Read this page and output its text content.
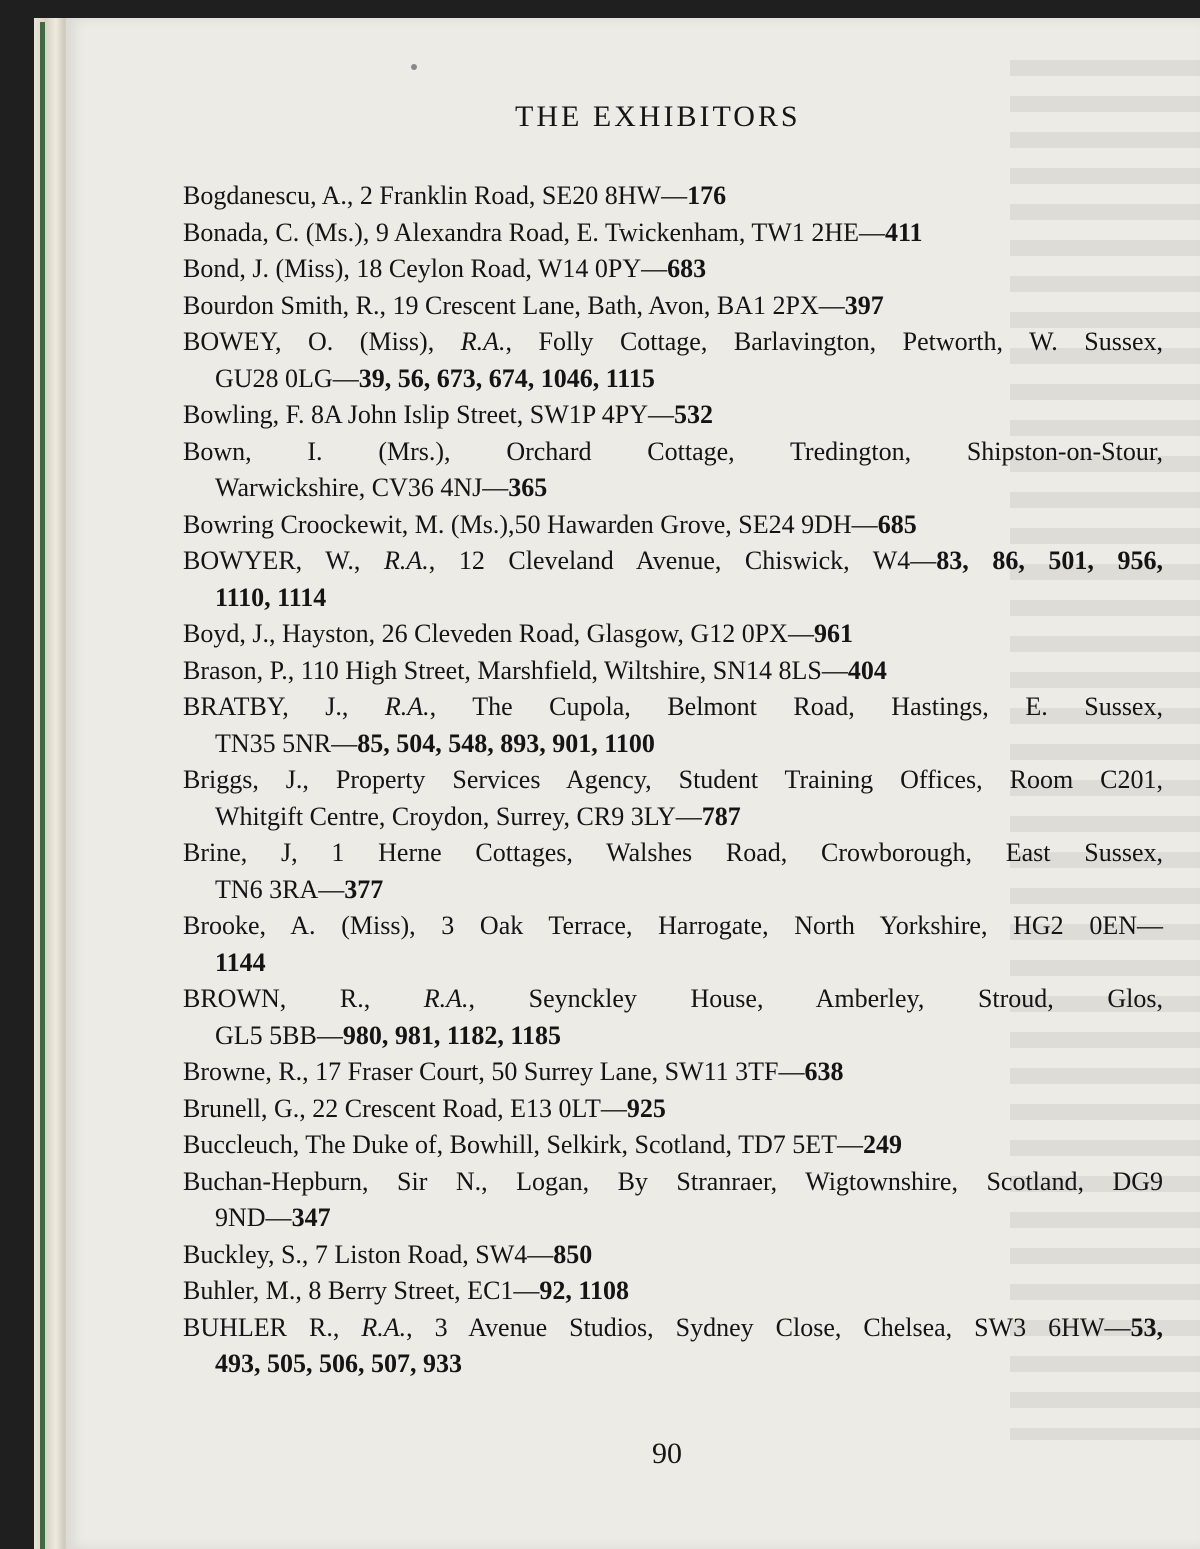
THE EXHIBITORS

Bogdanescu, A., 2 Franklin Road, SE20 8HW—176

Bonada, C. (Ms.), 9 Alexandra Road, E. Twickenham, TW1 2HE—411

Bond, J. (Miss), 18 Ceylon Road, W14 0PY—683

Bourdon Smith, R., 19 Crescent Lane, Bath, Avon, BA1 2PX—397

BOWEY, O. (Miss), R.A., Folly Cottage, Barlavington, Petworth, W. Sussex,
GU28 0LG—39, 56, 673, 674, 1046, 1115

Bowling, F. 8A John Islip Street, SW1P 4PY—532

Bown, I. (Mrs.), Orchard Cottage, Tredington, Shipston-on-Stour,
Warwickshire, CV36 4NJ—365

Bowring Croockewit, M. (Ms.),50 Hawarden Grove, SE24 9DH—685

BOWYER, W., R.A., 12 Cleveland Avenue, Chiswick, W4—83, 86, 501, 956,
1110, 1114

Boyd, J., Hayston, 26 Cleveden Road, Glasgow, G12 0PX—961

Brason, P., 110 High Street, Marshfield, Wiltshire, SN14 8LS—404

BRATBY, J., R.A., The Cupola, Belmont Road, Hastings, E. Sussex,
TN35 5NR—85, 504, 548, 893, 901, 1100

Briggs, J., Property Services Agency, Student Training Offices, Room C201,
Whitgift Centre, Croydon, Surrey, CR9 3LY—787

Brine, J, 1 Herne Cottages, Walshes Road, Crowborough, East Sussex,
TN6 3RA—377

Brooke, A. (Miss), 3 Oak Terrace, Harrogate, North Yorkshire, HG2 0EN—
1144

BROWN, R., R.A., Seynckley House, Amberley, Stroud, Glos,
GL5 5BB—980, 981, 1182, 1185

Browne, R., 17 Fraser Court, 50 Surrey Lane, SW11 3TF—638

Brunell, G., 22 Crescent Road, E13 0LT—925

Buccleuch, The Duke of, Bowhill, Selkirk, Scotland, TD7 5ET—249

Buchan-Hepburn, Sir N., Logan, By Stranraer, Wigtownshire, Scotland, DG9
9ND—347

Buckley, S., 7 Liston Road, SW4—850

Buhler, M., 8 Berry Street, EC1—92, 1108

BUHLER R., R.A., 3 Avenue Studios, Sydney Close, Chelsea, SW3 6HW—53,
493, 505, 506, 507, 933

90
